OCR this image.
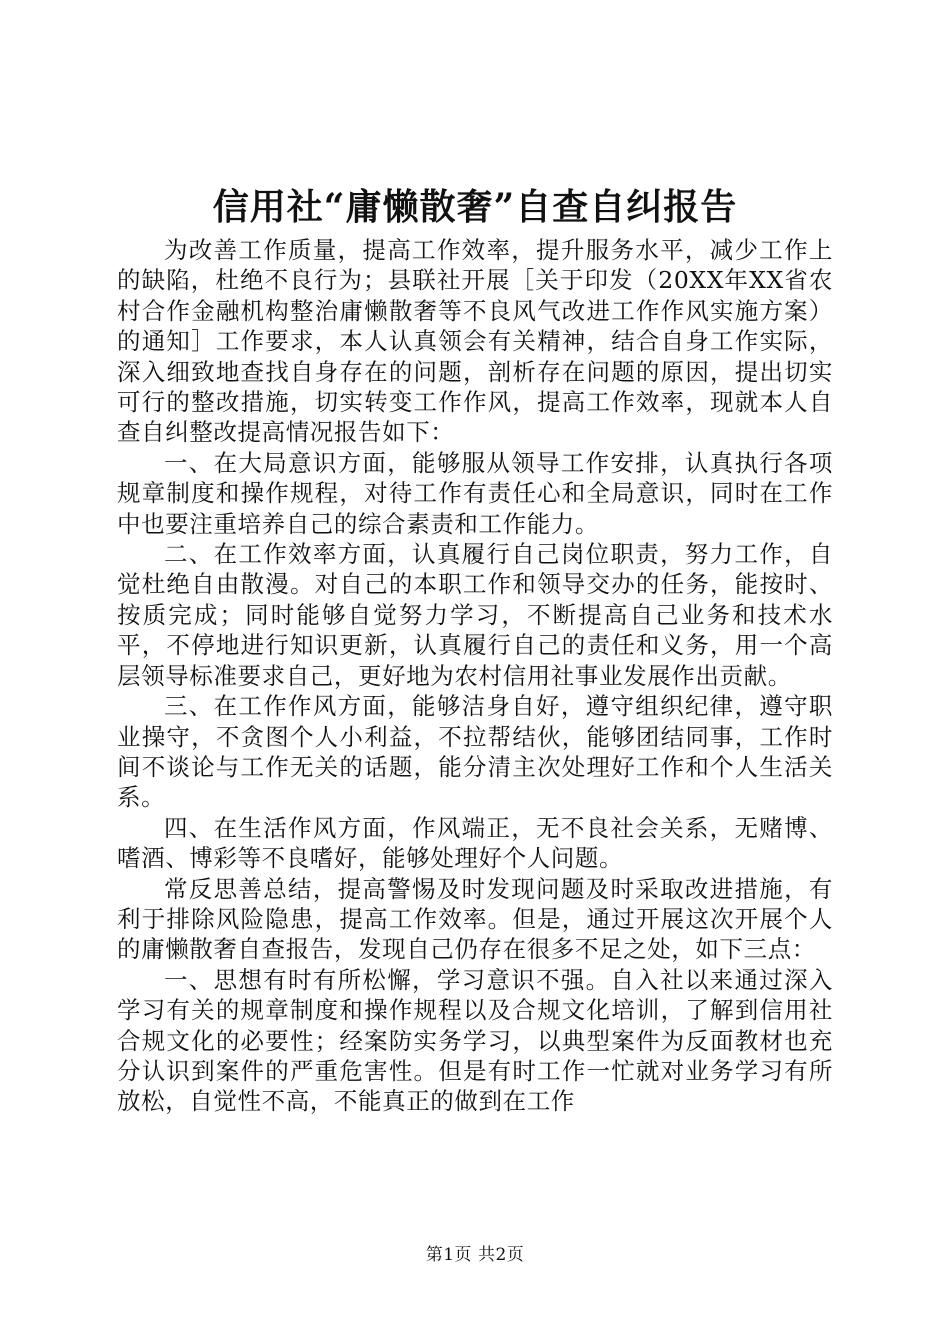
信用社“庸懒散奢”自查自纠报告

为改善工作质量，提高工作效率，提升服务水平，减少工作上的缺陷，杜绝不良行为；县联社开展［关于印发（20XX年XX省农村合作金融机构整治庸懒散奢等不良风气改进工作作风实施方案）的通知］工作要求，本人认真领会有关精神，结合自身工作实际，深入细致地查找自身存在的问题，剖析存在问题的原因，提出切实可行的整改措施，切实转变工作作风，提高工作效率，现就本人自查自纠整改提高情况报告如下：

一、在大局意识方面，能够服从领导工作安排，认真执行各项规章制度和操作规程，对待工作有责任心和全局意识，同时在工作中也要注重培养自己的综合素责和工作能力。

二、在工作效率方面，认真履行自己岗位职责，努力工作，自觉杜绝自由散漫。对自己的本职工作和领导交办的任务，能按时、按质完成；同时能够自觉努力学习，不断提高自己业务和技术水平，不停地进行知识更新，认真履行自己的责任和义务，用一个高层领导标准要求自己，更好地为农村信用社事业发展作出贡献。

三、在工作作风方面，能够洁身自好，遵守组织纪律，遵守职业操守，不贪图个人小利益，不拉帮结伙，能够团结同事，工作时间不谈论与工作无关的话题，能分清主次处理好工作和个人生活关系。

四、在生活作风方面，作风端正，无不良社会关系，无赌博、嗜酒、博彩等不良嗜好，能够处理好个人问题。

常反思善总结，提高警惕及时发现问题及时采取改进措施，有利于排除风险隐患，提高工作效率。但是，通过开展这次开展个人的庸懒散奢自查报告，发现自己仍存在很多不足之处，如下三点：

一、思想有时有所松懈，学习意识不强。自入社以来通过深入学习有关的规章制度和操作规程以及合规文化培训，了解到信用社合规文化的必要性；经案防实务学习，以典型案件为反面教材也充分认识到案件的严重危害性。但是有时工作一忙就对业务学习有所放松，自觉性不高，不能真正的做到在工作

第1页 共2页
